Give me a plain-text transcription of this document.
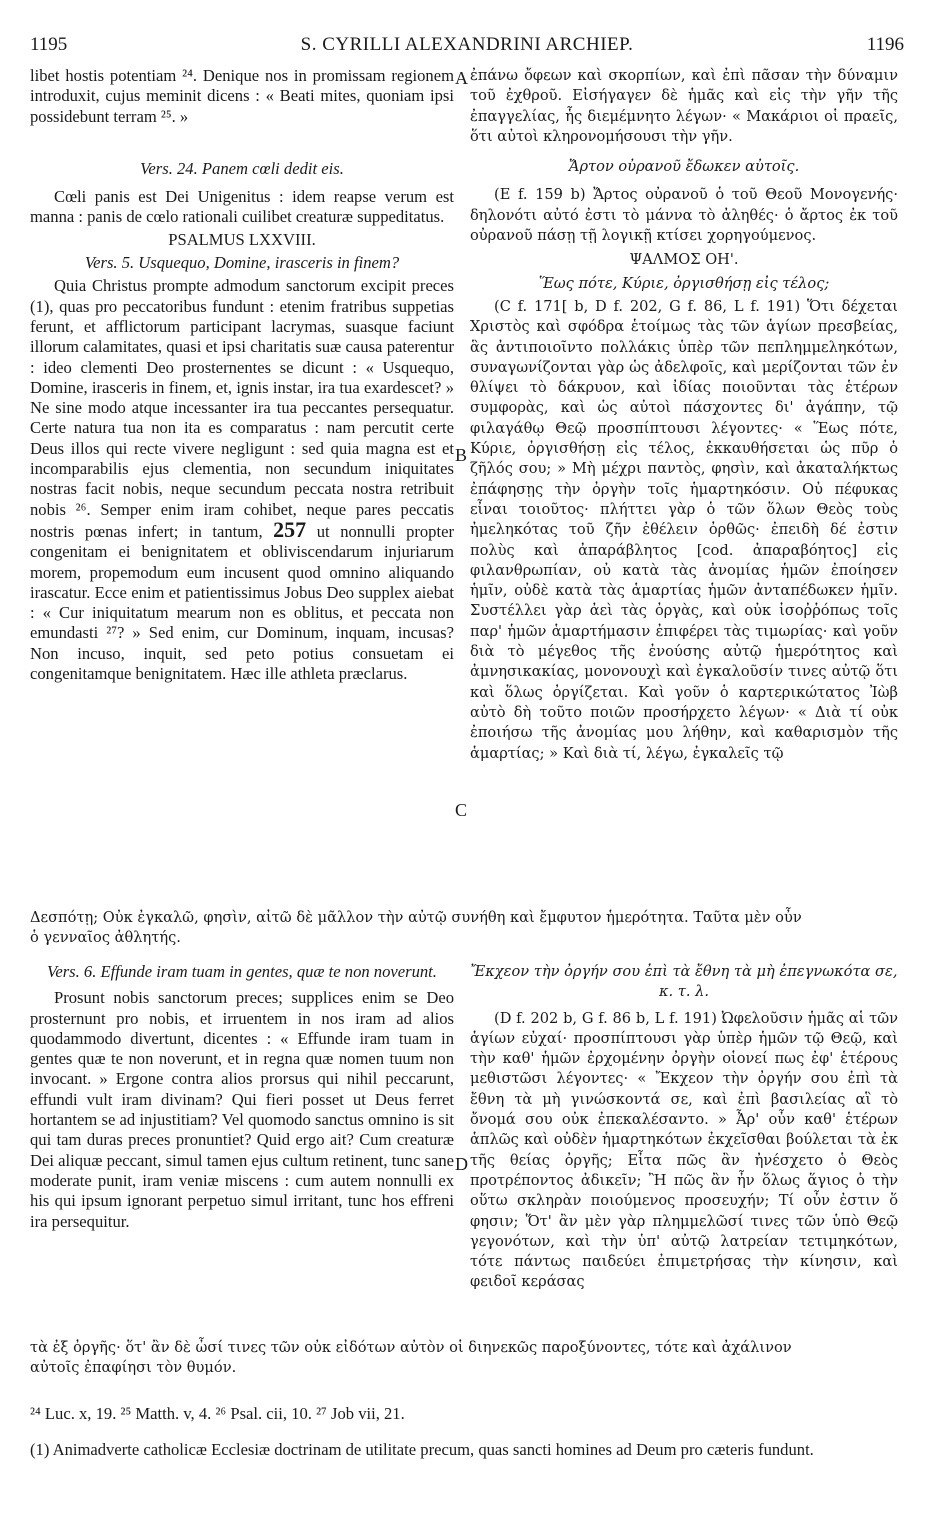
1195	S. CYRILLI ALEXANDRINI ARCHIEP.	1196

libet hostis potentiam ²⁴. Denique nos in promissam regionem introduxit, cujus meminit dicens : « Beati mites, quoniam ipsi possidebunt terram ²⁵. »

Vers. 24. Panem cœli dedit eis.

Cœli panis est Dei Unigenitus : idem reapse verum est manna : panis de cœlo rationali cuilibet creaturæ suppeditatus.

PSALMUS LXXVIII.

Vers. 5. Usquequo, Domine, irasceris in finem?

Quia Christus prompte admodum sanctorum excipit preces (1), quas pro peccatoribus fundunt : etenim fratribus suppetias ferunt, et afflictorum participant lacrymas, suasque faciunt illorum calamitates, quasi et ipsi charitatis suæ causa paterentur : ideo clementi Deo prosternentes se dicunt : « Usquequo, Domine, irasceris in finem, et, ignis instar, ira tua exardescet? » Ne sine modo atque incessanter ira tua peccantes persequatur. Certe natura tua non ita es comparatus : nam percutit certe Deus illos qui recte vivere negligunt : sed quia magna est et incomparabilis ejus clementia, non secundum iniquitates nostras facit nobis, neque secundum peccata nostra retribuit nobis ²⁶. Semper enim iram cohibet, neque pares peccatis nostris pœnas infert; in tantum, 257 ut nonnulli propter congenitam ei benignitatem et obliviscendarum injuriarum morem, propemodum eum incusent quod omnino aliquando irascatur. Ecce enim et patientissimus Jobus Deo supplex aiebat : « Cur iniquitatum mearum non es oblitus, et peccata non emundasti ²⁷? » Sed enim, cur Dominum, inquam, incusas? Non incuso, inquit, sed peto potius consuetam ei congenitamque benignitatem. Hæc ille athleta præclarus.

ἐπάνω ὄφεων καὶ σκορπίων, καὶ ἐπὶ πᾶσαν τὴν δύναμιν τοῦ ἐχθροῦ. Εἰσήγαγεν δὲ ἡμᾶς καὶ εἰς τὴν γῆν τῆς ἐπαγγελίας, ἧς διεμέμνητο λέγων· « Μακάριοι οἱ πραεῖς, ὅτι αὐτοὶ κληρονομήσουσι τὴν γῆν.

Ἄρτον οὐρανοῦ ἔδωκεν αὐτοῖς.

(E f. 159 b) Ἄρτος οὐρανοῦ ὁ τοῦ Θεοῦ Μονογενής· δηλονότι αὐτό ἐστι τὸ μάννα τὸ ἀληθές· ὁ ἄρτος ἐκ τοῦ οὐρανοῦ πάσῃ τῇ λογικῇ κτίσει χορηγούμενος.

ΨΑΛΜΟΣ ΟΗ'.

Ἕως πότε, Κύριε, ὀργισθήσῃ εἰς τέλος;

(C f. 171[ b, D f. 202, G f. 86, L f. 191) Ὅτι δέχεται Χριστὸς καὶ σφόδρα ἑτοίμως τὰς τῶν ἁγίων πρεσβείας, ἃς ἀντιποιοῖντο πολλάκις ὑπὲρ τῶν πεπλημμεληκότων, συναγωνίζονται γὰρ ὡς ἀδελφοῖς, καὶ μερίζονται τῶν ἐν θλίψει τὸ δάκρυον, καὶ ἰδίας ποιοῦνται τὰς ἑτέρων συμφορὰς, καὶ ὡς αὐτοὶ πάσχοντες δι' ἀγάπην, τῷ φιλαγάθῳ Θεῷ προσπίπτουσι λέγοντες· « Ἕως πότε, Κύριε, ὀργισθήσῃ εἰς τέλος, ἐκκαυθήσεται ὡς πῦρ ὁ ζῆλός σου; » Μὴ μέχρι παντὸς, φησὶν, καὶ ἀκαταλήκτως ἐπάφησῃς τὴν ὀργὴν τοῖς ἡμαρτηκόσιν. Οὐ πέφυκας εἶναι τοιοῦτος· πλήττει γὰρ ὁ τῶν ὅλων Θεὸς τοὺς ἠμεληκότας τοῦ ζῆν ἐθέλειν ὀρθῶς· ἐπειδὴ δέ ἐστιν πολὺς καὶ ἀπαράβλητος [cod. ἀπαραβόητος] εἰς φιλανθρωπίαν, οὐ κατὰ τὰς ἀνομίας ἡμῶν ἐποίησεν ἡμῖν, οὐδὲ κατὰ τὰς ἁμαρτίας ἡμῶν ἀνταπέδωκεν ἡμῖν. Συστέλλει γὰρ ἀεὶ τὰς ὀργὰς, καὶ οὐκ ἰσοῤῥόπως τοῖς παρ' ἡμῶν ἁμαρτήμασιν ἐπιφέρει τὰς τιμωρίας· καὶ γοῦν διὰ τὸ μέγεθος τῆς ἐνούσης αὐτῷ ἡμερότητος καὶ ἀμνησικακίας, μονονουχὶ καὶ ἐγκαλοῦσίν τινες αὐτῷ ὅτι καὶ ὅλως ὀργίζεται. Καὶ γοῦν ὁ καρτερικώτατος Ἰὼβ αὐτὸ δὴ τοῦτο ποιῶν προσήρχετο λέγων· « Διὰ τί οὐκ ἐποιήσω τῆς ἀνομίας μου λήθην, καὶ καθαρισμὸν τῆς ἁμαρτίας; » Καὶ διὰ τί, λέγω, ἐγκαλεῖς τῷ

Δεσπότῃ; Οὐκ ἐγκαλῶ, φησὶν, αἰτῶ δὲ μᾶλλον τὴν αὐτῷ συνήθη καὶ ἔμφυτον ἡμερότητα. Ταῦτα μὲν οὖν
ὁ γενναῖος ἀθλητής.

Vers. 6. Effunde iram tuam in gentes, quæ te non noverunt.

Prosunt nobis sanctorum preces; supplices enim se Deo prosternunt pro nobis, et irruentem in nos iram ad alios quodammodo divertunt, dicentes : « Effunde iram tuam in gentes quæ te non noverunt, et in regna quæ nomen tuum non invocant. » Ergone contra alios prorsus qui nihil peccarunt, effundi vult iram divinam? Qui fieri posset ut Deus ferret hortantem se ad injustitiam? Vel quomodo sanctus omnino is sit qui tam duras preces pronuntiet? Quid ergo ait? Cum creaturæ Dei aliquæ peccant, simul tamen ejus cultum retinent, tunc sane moderate punit, iram veniæ miscens : cum autem nonnulli ex his qui ipsum ignorant perpetuo simul irritant, tunc hos effreni ira persequitur.

Ἔκχεον τὴν ὀργήν σου ἐπὶ τὰ ἔθνη τὰ μὴ ἐπεγνωκότα σε, κ. τ. λ.

(D f. 202 b, G f. 86 b, L f. 191) Ὠφελοῦσιν ἡμᾶς αἱ τῶν ἁγίων εὐχαί· προσπίπτουσι γὰρ ὑπὲρ ἡμῶν τῷ Θεῷ, καὶ τὴν καθ' ἡμῶν ἐρχομένην ὀργὴν οἱονεί πως ἐφ' ἑτέρους μεθιστῶσι λέγοντες· « Ἔκχεον τὴν ὀργήν σου ἐπὶ τὰ ἔθνη τὰ μὴ γινώσκοντά σε, καὶ ἐπὶ βασιλείας αἳ τὸ ὄνομά σου οὐκ ἐπεκαλέσαντο. » Ἆρ' οὖν καθ' ἑτέρων ἁπλῶς καὶ οὐδὲν ἡμαρτηκότων ἐκχεῖσθαι βούλεται τὰ ἐκ τῆς θείας ὀργῆς; Εἶτα πῶς ἂν ἠνέσχετο ὁ Θεὸς προτρέποντος ἀδικεῖν; Ἢ πῶς ἂν ἦν ὅλως ἅγιος ὁ τὴν οὕτω σκληρὰν ποιούμενος προσευχήν; Τί οὖν ἐστιν ὅ φησιν; Ὅτ' ἂν μὲν γὰρ πλημμελῶσί τινες τῶν ὑπὸ Θεῷ γεγονότων, καὶ τὴν ὑπ' αὐτῷ λατρείαν τετιμηκότων, τότε πάντως παιδεύει ἐπιμετρήσας τὴν κίνησιν, καὶ φειδοῖ κεράσας

τὰ ἐξ ὀργῆς· ὅτ' ἂν δὲ ὦσί τινες τῶν οὐκ εἰδότων αὐτὸν οἱ διηνεκῶς παροξύνοντες, τότε καὶ ἀχάλινον
αὐτοῖς ἐπαφίησι τὸν θυμόν.
A
B
C
D
²⁴ Luc. x, 19. ²⁵ Matth. v, 4. ²⁶ Psal. cii, 10. ²⁷ Job vii, 21.
(1) Animadverte catholicæ Ecclesiæ doctrinam de utilitate precum, quas sancti homines ad Deum pro cæteris fundunt.
